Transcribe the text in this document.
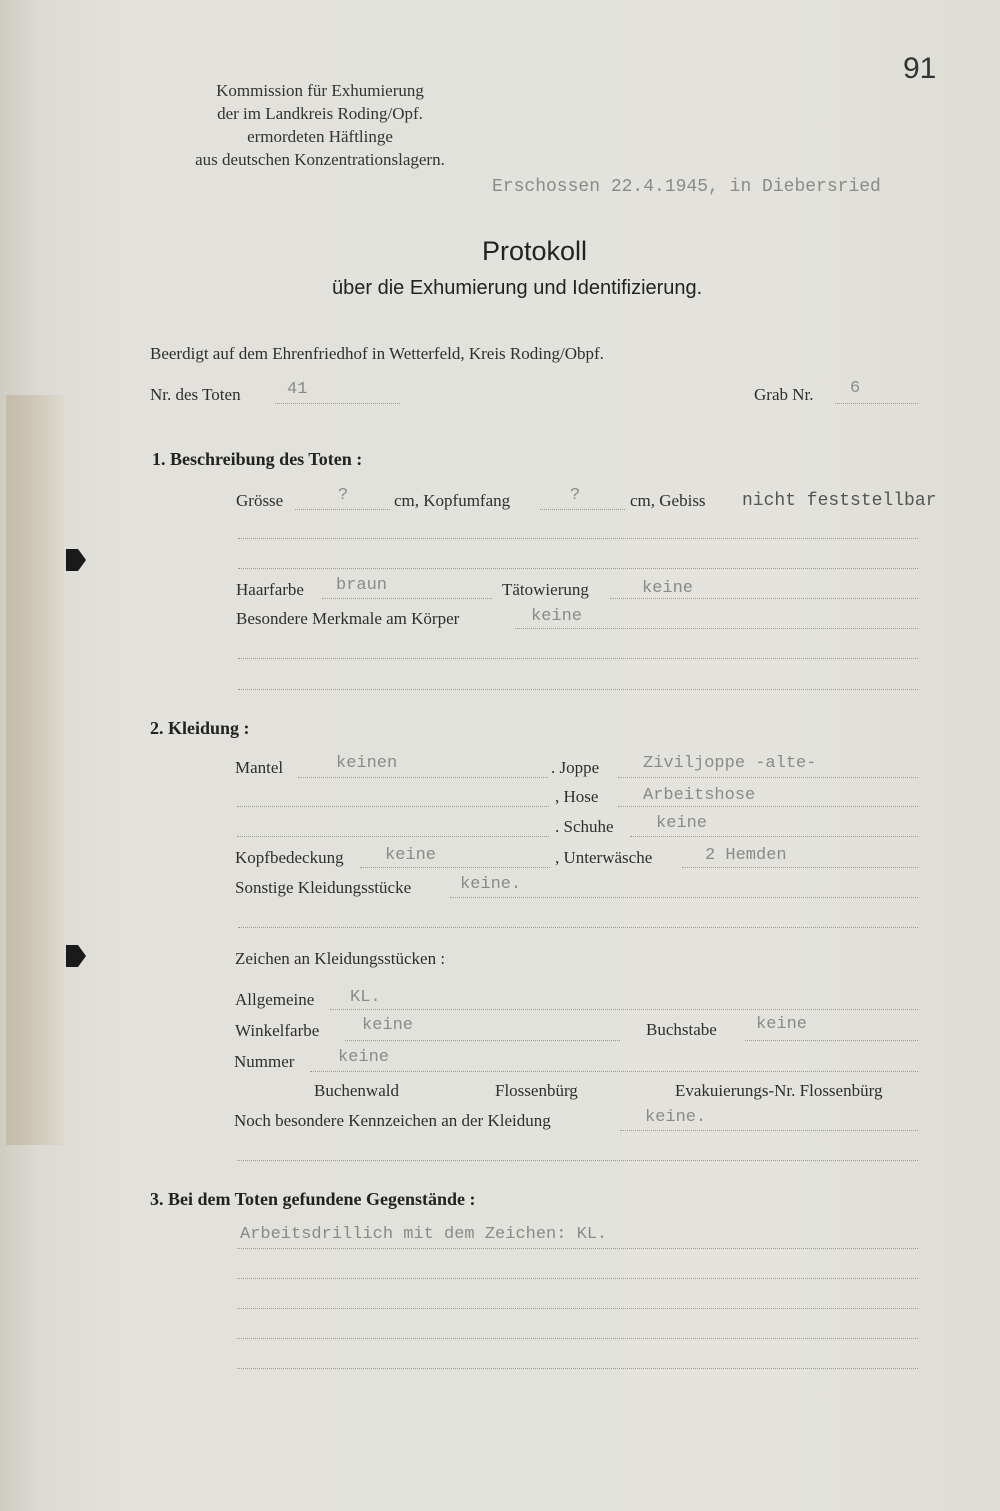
Kommission für Exhumierung
der im Landkreis Roding/Opf.
ermordeten Häftlinge
aus deutschen Konzentrationslagern.
91
Erschossen 22.4.1945, in Diebersried
Protokoll
über die Exhumierung und Identifizierung.
Beerdigt auf dem Ehrenfriedhof in Wetterfeld, Kreis Roding/Obpf.
Nr. des Toten	41	Grab Nr. 6
1. Beschreibung des Toten :
Grösse	?	cm, Kopfumfang	?	cm, Gebiss nicht feststellbar
Haarfarbe braun	Tätowierung	keine
Besondere Merkmale am Körper	keine
2. Kleidung :
Mantel	keinen	. Joppe	Ziviljoppe -alte-
, Hose	Arbeitshose
. Schuhe keine
Kopfbedeckung keine	, Unterwäsche	2 Hemden
Sonstige Kleidungsstücke	keine.
Zeichen an Kleidungsstücken :
Allgemeine KL.
Winkelfarbe	keine	Buchstabe keine
Nummer	keine
Buchenwald	Flossenbürg	Evakuierungs-Nr. Flossenbürg
Noch besondere Kennzeichen an der Kleidung	keine.
3. Bei dem Toten gefundene Gegenstände :
Arbeitsdrillich mit dem Zeichen: KL.
